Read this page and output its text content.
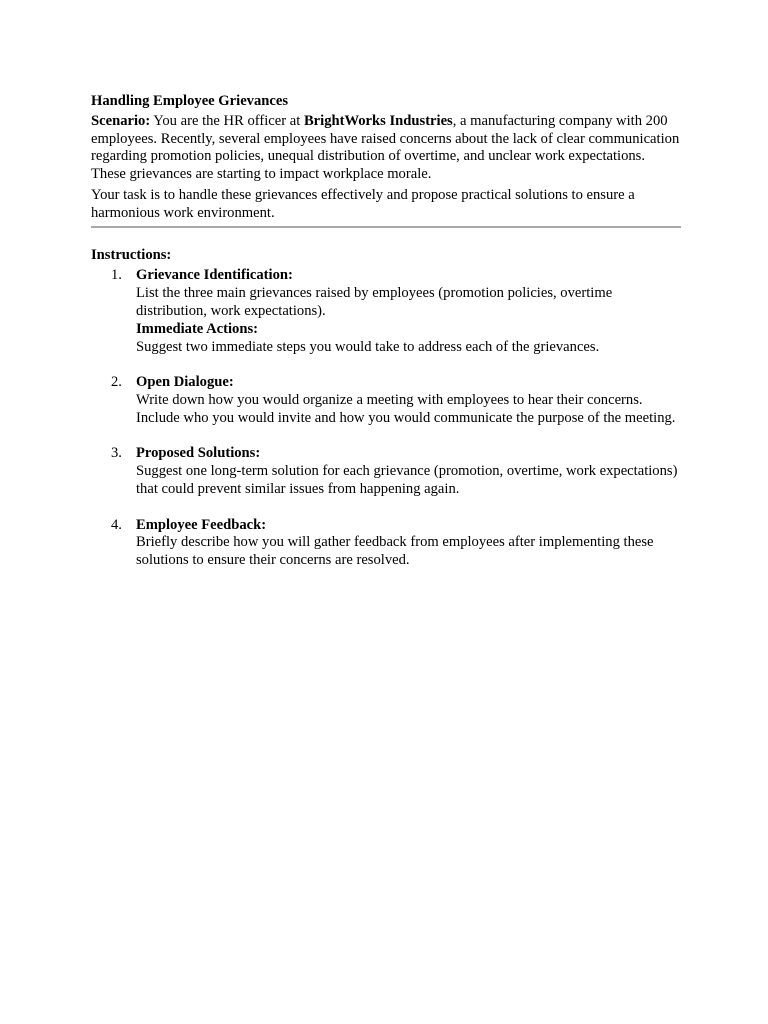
Handling Employee Grievances

Scenario: You are the HR officer at BrightWorks Industries, a manufacturing company with 200 employees. Recently, several employees have raised concerns about the lack of clear communication regarding promotion policies, unequal distribution of overtime, and unclear work expectations. These grievances are starting to impact workplace morale.

Your task is to handle these grievances effectively and propose practical solutions to ensure a harmonious work environment.

Instructions:

1. Grievance Identification:
List the three main grievances raised by employees (promotion policies, overtime distribution, work expectations).
Immediate Actions:
Suggest two immediate steps you would take to address each of the grievances.
2. Open Dialogue:
Write down how you would organize a meeting with employees to hear their concerns. Include who you would invite and how you would communicate the purpose of the meeting.
3. Proposed Solutions:
Suggest one long-term solution for each grievance (promotion, overtime, work expectations) that could prevent similar issues from happening again.
4. Employee Feedback:
Briefly describe how you will gather feedback from employees after implementing these solutions to ensure their concerns are resolved.
